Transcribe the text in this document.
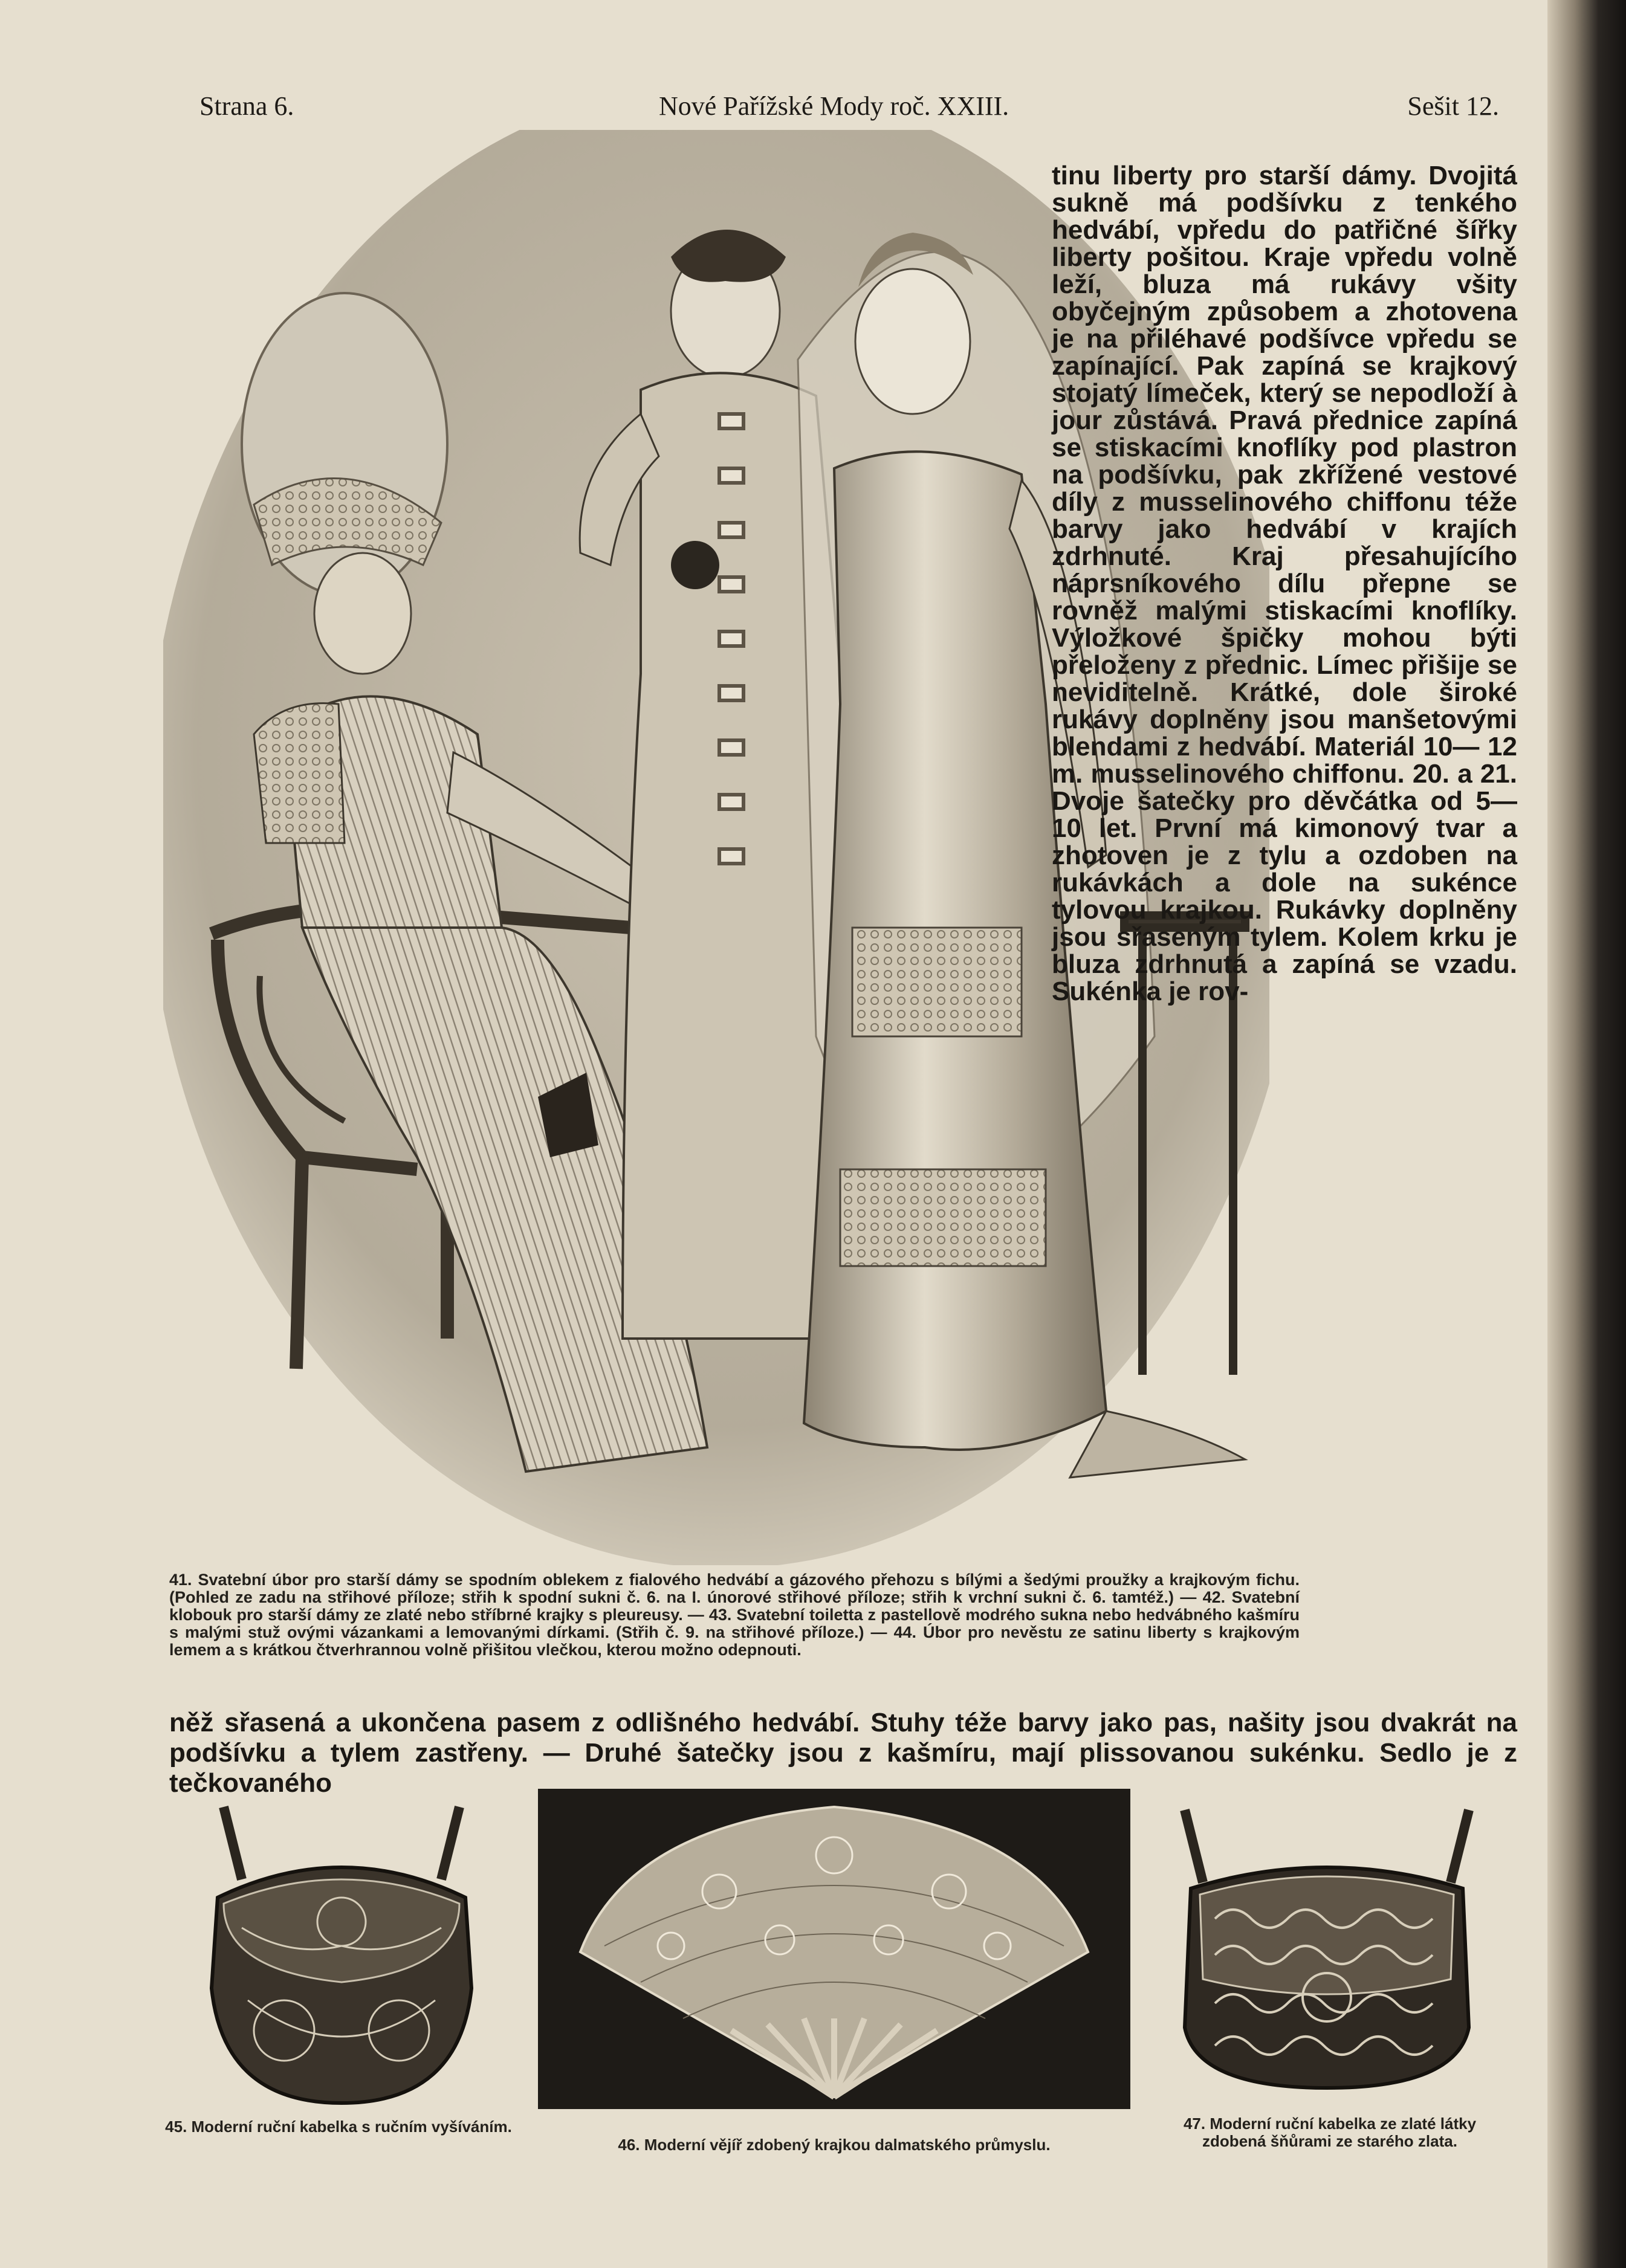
Strana 6.	Nové Pařížské Mody roč. XXIII.	Sešit 12.
tinu liberty pro starší dámy. Dvojitá sukně má podšívku z tenkého hedvábí, vpředu do patřičné šířky liberty pošitou. Kraje vpředu volně leží, bluza má rukávy všity obyčejným způsobem a zhotovena je na přiléhavé podšívce vpředu se zapínající. Pak zapíná se krajkový stojatý límeček, který se nepodloží à jour zůstává. Pravá přednice zapíná se stiskacími knoflíky pod plastron na podšívku, pak zkřížené vestové díly z musselinového chiffonu téže barvy jako hedvábí v krajích zdrhnuté. Kraj přesahujícího náprsníkového dílu přepne se rovněž malými stiskacími knoflíky. Výložkové špičky mohou býti přeloženy z přednic. Límec přišije se neviditelně. Krátké, dole široké rukávy doplněny jsou manšetovými blendami z hedvábí. Materiál 10— 12 m. musselinového chiffonu. 20. a 21. Dvoje šatečky pro děvčátka od 5—10 let. První má kimonový tvar a zhotoven je z tylu a ozdoben na rukávkách a dole na sukénce tylovou krajkou. Rukávky doplněny jsou sřaseným tylem. Kolem krku je bluza zdrhnutá a zapíná se vzadu. Sukénka je rov-
41. Svatební úbor pro starší dámy se spodním oblekem z fialového hedvábí a gázového přehozu s bílými a šedými proužky a krajkovým fichu. (Pohled ze zadu na střihové příloze; střih k spodní sukni č. 6. na I. únorové střihové příloze; střih k vrchní sukni č. 6. tamtéž.) — 42. Svatební klobouk pro starší dámy ze zlaté nebo stříbrné krajky s pleureusy. — 43. Svatební toiletta z pastellově modrého sukna nebo hedvábného kašmíru s malými stuž ovými vázankami a lemovanými dírkami. (Střih č. 9. na střihové příloze.) — 44. Úbor pro nevěstu ze satinu liberty s krajkovým lemem a s krátkou čtverhrannou volně přišitou vlečkou, kterou možno odepnouti.
něž sřasená a ukončena pasem z odlišného hedvábí. Stuhy téže barvy jako pas, našity jsou dvakrát na podšívku a tylem zastřeny. — Druhé šatečky jsou z kašmíru, mají plissovanou sukénku. Sedlo je z tečkovaného
45. Moderní ruční kabelka s ručním vyšíváním.
46. Moderní vějíř zdobený krajkou dalmatského průmyslu.
47. Moderní ruční kabelka ze zlaté látky zdobená šňůrami ze starého zlata.
